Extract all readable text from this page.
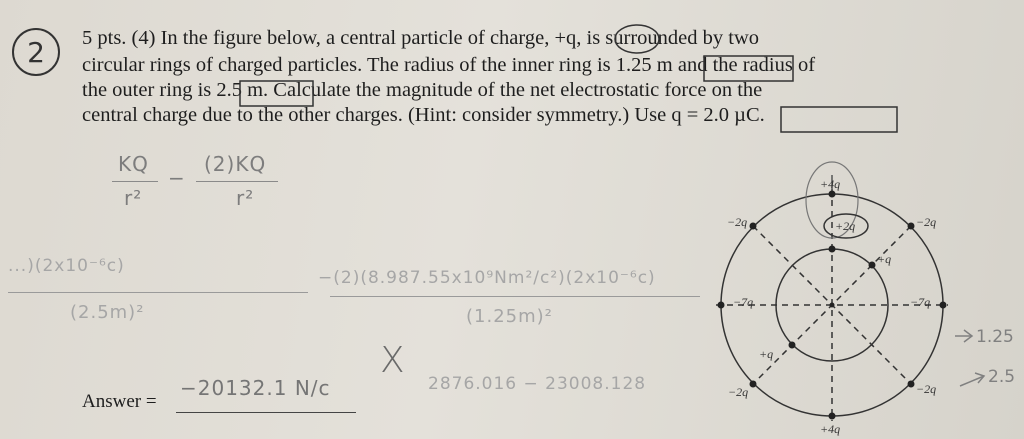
2 5 pts. (4) In the figure below, a central particle of charge, +q, is surrounded by two
circular rings of charged particles. The radius of the inner ring is 1.25 m and the radius of
the outer ring is 2.5 m. Calculate the magnitude of the net electrostatic force on the
central charge due to the other charges. (Hint: consider symmetry.) Use q = 2.0 µC.
KQ
r²
−
(2)KQ
r²
...)(2x10⁻⁶c)
(2.5m)²
−(2)(8.987.55x10⁹Nm²/c²)(2x10⁻⁶c)
(1.25m)²
Answer =
−20132.1 N/c
X
2876.016 − 23008.128
+4q
+2q
−2q	−2q
+q
−7q	−7q
+q
−2q	−2q
+4q
1.25
2.5
